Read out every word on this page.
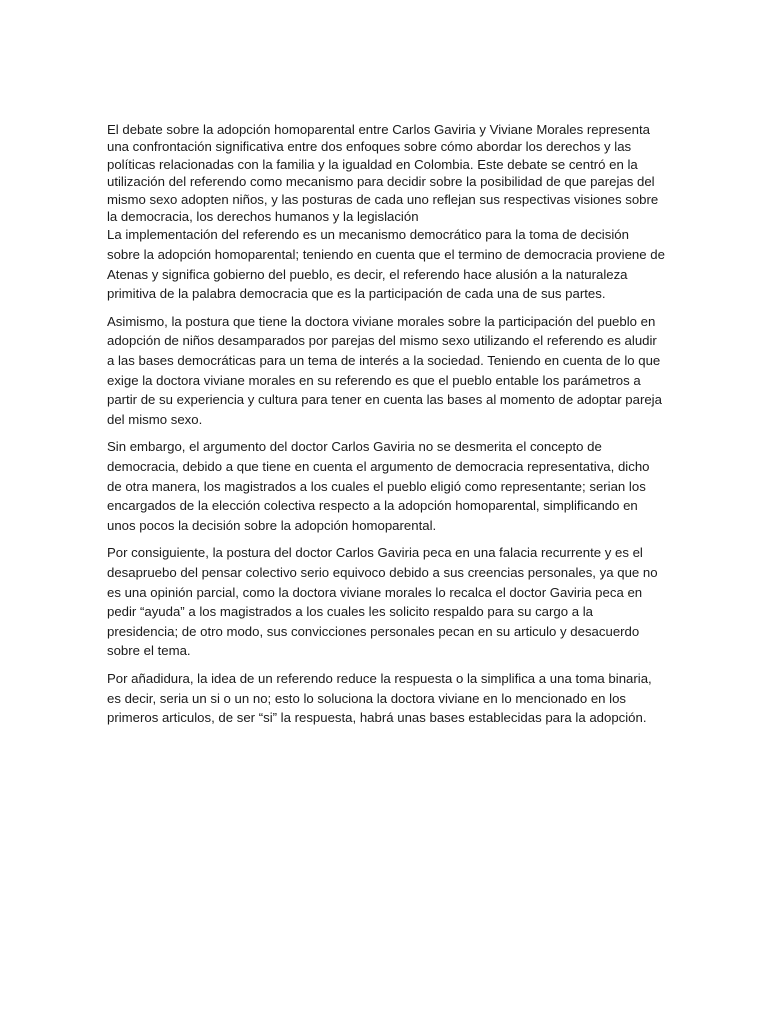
El debate sobre la adopción homoparental entre Carlos Gaviria y Viviane Morales representa una confrontación significativa entre dos enfoques sobre cómo abordar los derechos y las políticas relacionadas con la familia y la igualdad en Colombia. Este debate se centró en la utilización del referendo como mecanismo para decidir sobre la posibilidad de que parejas del mismo sexo adopten niños, y las posturas de cada uno reflejan sus respectivas visiones sobre la democracia, los derechos humanos y la legislación

La implementación del referendo es un mecanismo democrático para la toma de decisión sobre la adopción homoparental; teniendo en cuenta que el termino de democracia proviene de Atenas y significa gobierno del pueblo, es decir, el referendo hace alusión a la naturaleza primitiva de la palabra democracia que es la participación de cada una de sus partes.

Asimismo, la postura que tiene la doctora viviane morales sobre la participación del pueblo en adopción de niños desamparados por parejas del mismo sexo utilizando el referendo es aludir a las bases democráticas para un tema de interés a la sociedad. Teniendo en cuenta de lo que exige la doctora viviane morales en su referendo es que el pueblo entable los parámetros a partir de su experiencia y cultura para tener en cuenta las bases al momento de adoptar pareja del mismo sexo.

Sin embargo, el argumento del doctor Carlos Gaviria no se desmerita el concepto de democracia, debido a que tiene en cuenta el argumento de democracia representativa, dicho de otra manera, los magistrados a los cuales el pueblo eligió como representante; serian los encargados de la elección colectiva respecto a la adopción homoparental, simplificando en unos pocos la decisión sobre la adopción homoparental.

Por consiguiente, la postura del doctor Carlos Gaviria peca en una falacia recurrente y es el desapruebo del pensar colectivo serio equivoco debido a sus creencias personales, ya que no es una opinión parcial, como la doctora viviane morales lo recalca el doctor Gaviria peca en pedir “ayuda” a los magistrados a los cuales les solicito respaldo para su cargo a la presidencia; de otro modo, sus convicciones personales pecan en su articulo y desacuerdo sobre el tema.

Por añadidura, la idea de un referendo reduce la respuesta o la simplifica a una toma binaria, es decir, seria un si o un no; esto lo soluciona la doctora viviane en lo mencionado en los primeros articulos, de ser “si” la respuesta, habrá unas bases establecidas para la adopción.
